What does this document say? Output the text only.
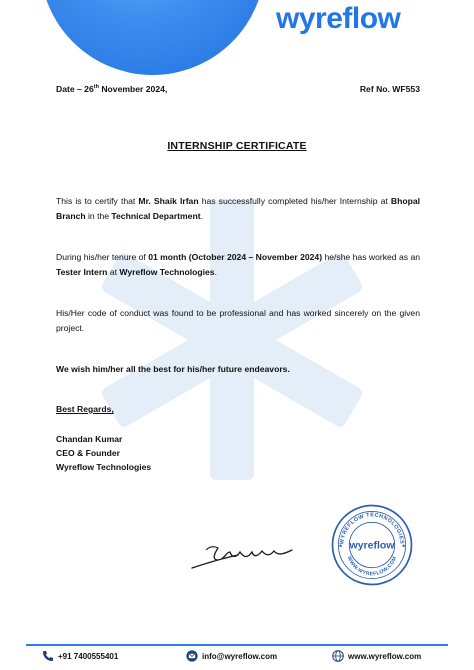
wyreflow
Date – 26th November 2024,	Ref No. WF553
INTERNSHIP CERTIFICATE
This is to certify that Mr. Shaik Irfan has successfully completed his/her Internship at Bhopal Branch in the Technical Department.
During his/her tenure of 01 month (October 2024 – November 2024) he/she has worked as an Tester Intern at Wyreflow Technologies.
His/Her code of conduct was found to be professional and has worked sincerely on the given project.
We wish him/her all the best for his/her future endeavors.
Best Regards,
Chandan Kumar
CEO & Founder
Wyreflow Technologies
WYREFLOW TECHNOLOGIES
WWW.WYREFLOW.COM
wyreflow
★	★
+91 7400555401	info@wyreflow.com	www.wyreflow.com
